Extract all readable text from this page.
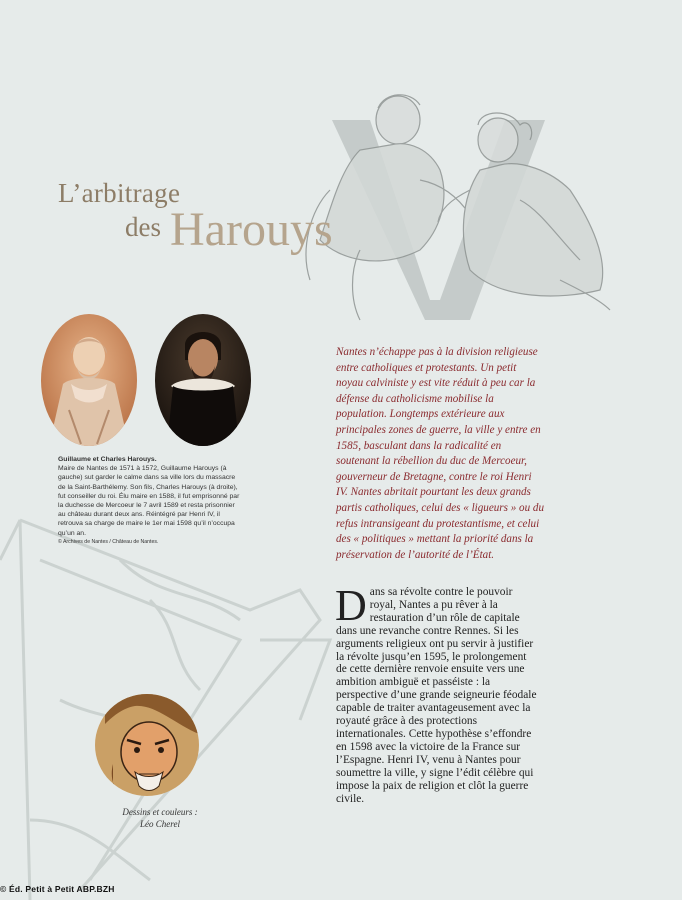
L’arbitrage
des Harouys
Guillaume et Charles Harouys.
Maire de Nantes de 1571 à 1572, Guillaume Harouys (à gauche) sut garder le calme dans sa ville lors du massacre de la Saint-Barthélemy. Son fils, Charles Harouys (à droite), fut conseiller du roi. Élu maire en 1588, il fut emprisonné par la duchesse de Mercoeur le 7 avril 1589 et resta prisonnier au château durant deux ans. Réintégré par Henri IV, il retrouva sa charge de maire le 1er mai 1598 qu’il n’occupa qu’un an.
© Archives de Nantes / Château de Nantes.
Nantes n’échappe pas à la division religieuse entre catholiques et protestants. Un petit noyau calviniste y est vite réduit à peu car la défense du catholicisme mobilise la population. Longtemps extérieure aux principales zones de guerre, la ville y entre en 1585, basculant dans la radicalité en soutenant la rébellion du duc de Mercoeur, gouverneur de Bretagne, contre le roi Henri IV. Nantes abritait pourtant les deux grands partis catholiques, celui des « ligueurs » ou du refus intransigeant du protestantisme, et celui des « politiques » mettant la priorité dans la préservation de l’autorité de l’État.
Dans sa révolte contre le pouvoir royal, Nantes a pu rêver à la restauration d’un rôle de capitale dans une revanche contre Rennes. Si les arguments religieux ont pu servir à justifier la révolte jusqu’en 1595, le prolongement de cette dernière renvoie ensuite vers une ambition ambiguë et passéiste : la perspective d’une grande seigneurie féodale capable de traiter avantageusement avec la royauté grâce à des protections internationales. Cette hypothèse s’effondre en 1598 avec la victoire de la France sur l’Espagne. Henri IV, venu à Nantes pour soumettre la ville, y signe l’édit célèbre qui impose la paix de religion et clôt la guerre civile.
Dessins et couleurs :
Léo Cherel
© Éd. Petit à Petit ABP.BZH
